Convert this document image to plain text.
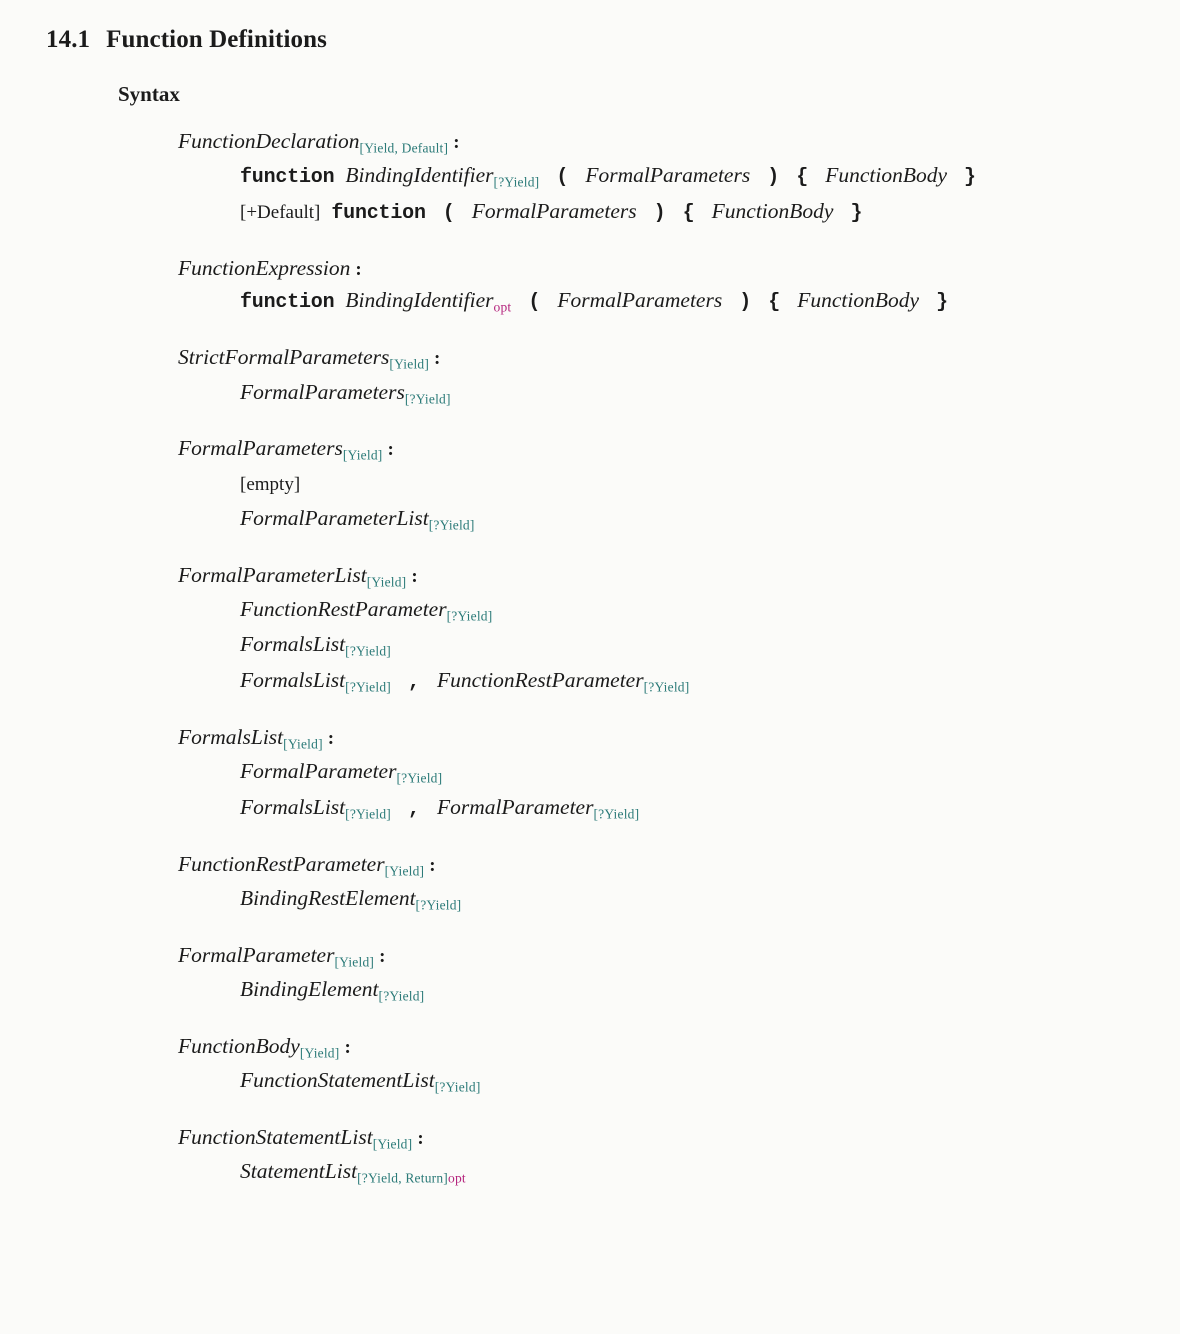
14.1 Function Definitions
Syntax
FunctionDeclaration$_{[Yield, Default]}$ :
function BindingIdentifier$_{[?Yield]}$ ( FormalParameters ) { FunctionBody }
[+Default] function ( FormalParameters ) { FunctionBody }
FunctionExpression :
function BindingIdentifier$_{opt}$ ( FormalParameters ) { FunctionBody }
StrictFormalParameters$_{[Yield]}$ :
FormalParameters$_{[?Yield]}$
FormalParameters$_{[Yield]}$ :
[empty]
FormalParameterList$_{[?Yield]}$
FormalParameterList$_{[Yield]}$ :
FunctionRestParameter$_{[?Yield]}$
FormalsList$_{[?Yield]}$
FormalsList$_{[?Yield]}$ , FunctionRestParameter$_{[?Yield]}$
FormalsList$_{[Yield]}$ :
FormalParameter$_{[?Yield]}$
FormalsList$_{[?Yield]}$ , FormalParameter$_{[?Yield]}$
FunctionRestParameter$_{[Yield]}$ :
BindingRestElement$_{[?Yield]}$
FormalParameter$_{[Yield]}$ :
BindingElement$_{[?Yield]}$
FunctionBody$_{[Yield]}$ :
FunctionStatementList$_{[?Yield]}$
FunctionStatementList$_{[Yield]}$ :
StatementList$_{[?Yield, Return]opt}$
